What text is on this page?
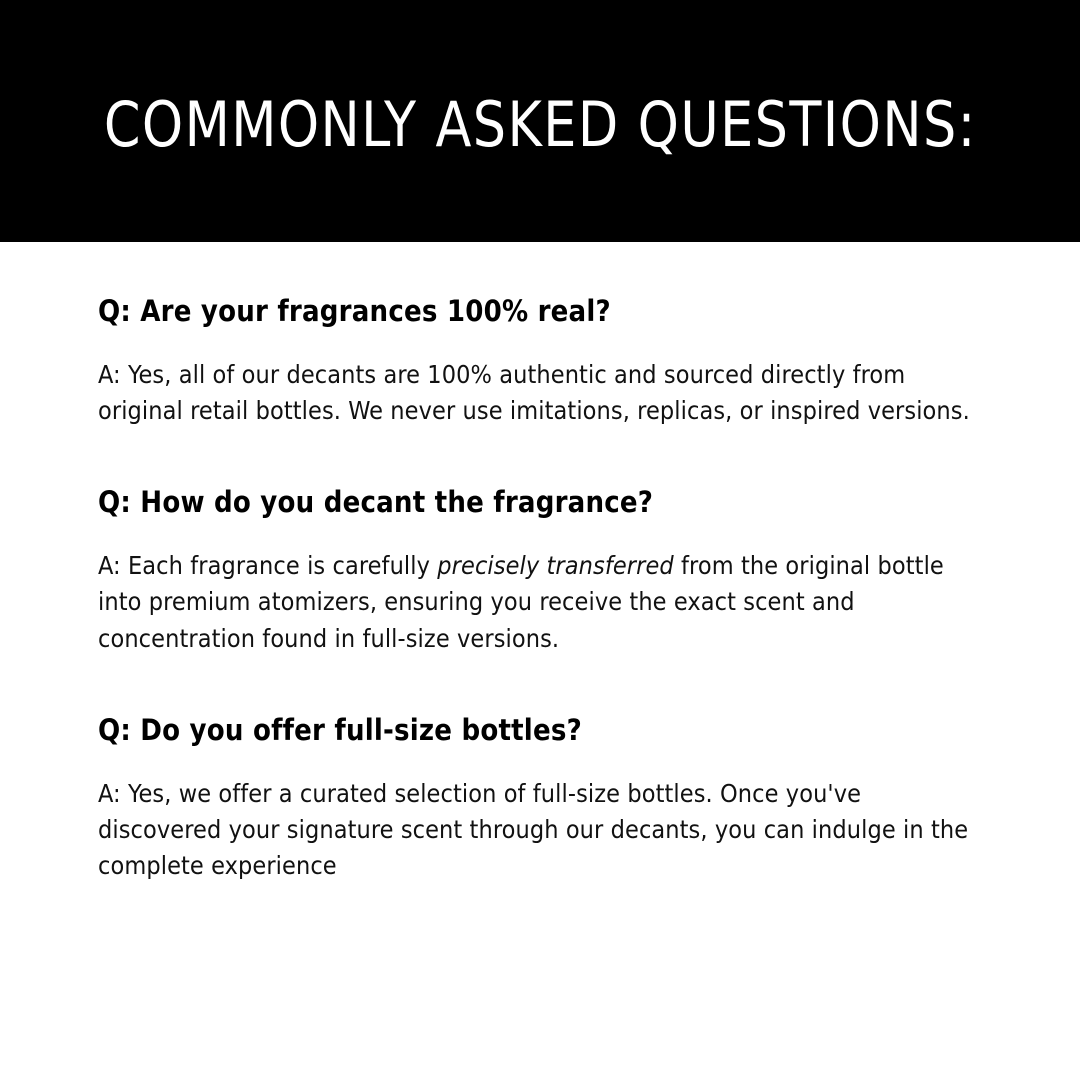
COMMONLY ASKED QUESTIONS:

Q: Are your fragrances 100% real?

A: Yes, all of our decants are 100% authentic and sourced directly from original retail bottles. We never use imitations, replicas, or inspired versions.

Q: How do you decant the fragrance?

A: Each fragrance is carefully precisely transferred from the original bottle into premium atomizers, ensuring you receive the exact scent and concentration found in full-size versions.

Q: Do you offer full-size bottles?

A: Yes, we offer a curated selection of full-size bottles. Once you've discovered your signature scent through our decants, you can indulge in the complete experience
